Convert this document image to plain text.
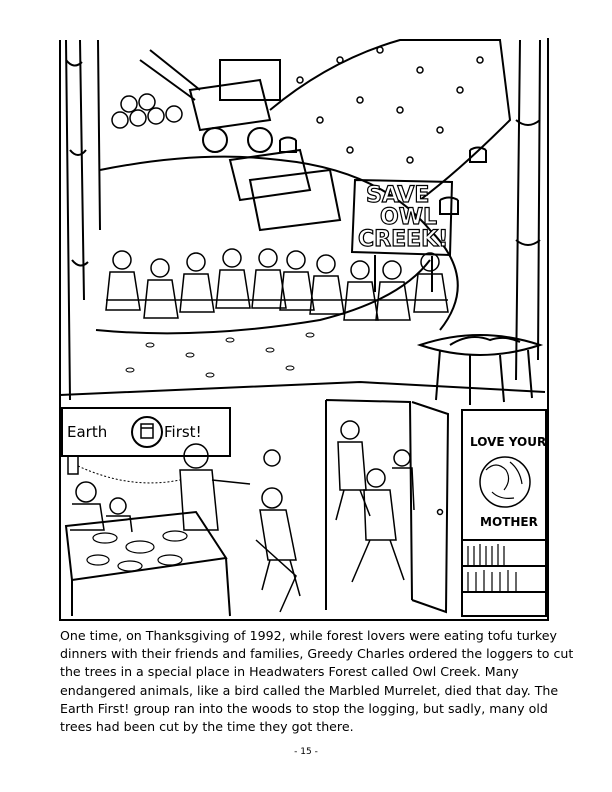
SAVE
OWL
CREEK!
Earth	First!
LOVE YOUR
MOTHER

One time, on Thanksgiving of 1992, while forest lovers were eating tofu turkey dinners with their friends and families, Greedy Charles ordered the loggers to cut the trees in a special place in Headwaters Forest called Owl Creek. Many endangered animals, like a bird called the Marbled Murrelet, died that day. The Earth First! group ran into the woods to stop the logging, but sadly, many old trees had been cut by the time they got there.

- 15 -
